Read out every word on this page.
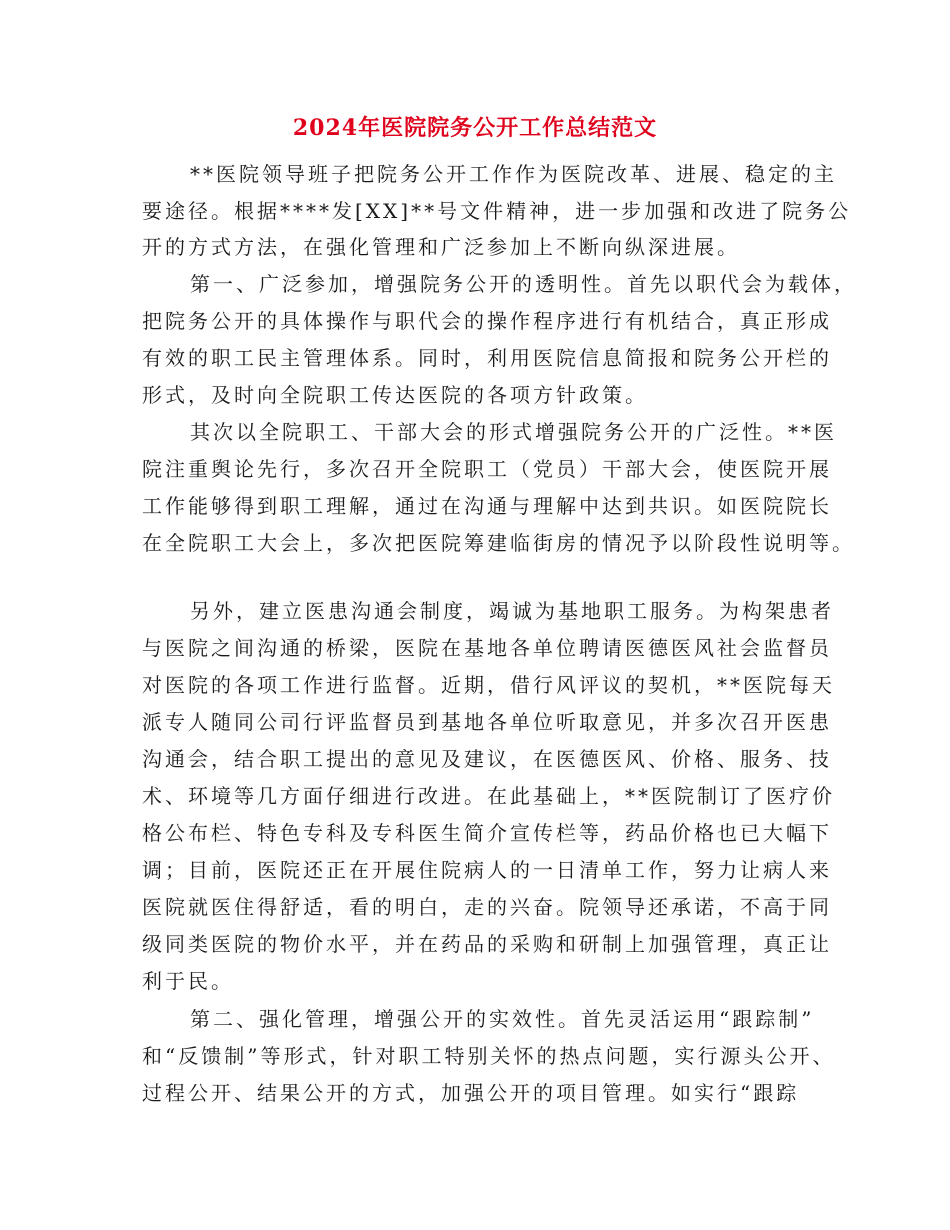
2024年医院院务公开工作总结范文
**医院领导班子把院务公开工作作为医院改革、进展、稳定的主
要途径。根据****发[XX]**号文件精神，进一步加强和改进了院务公
开的方式方法，在强化管理和广泛参加上不断向纵深进展。
第一、广泛参加，增强院务公开的透明性。首先以职代会为载体，
把院务公开的具体操作与职代会的操作程序进行有机结合，真正形成
有效的职工民主管理体系。同时，利用医院信息简报和院务公开栏的
形式，及时向全院职工传达医院的各项方针政策。
其次以全院职工、干部大会的形式增强院务公开的广泛性。**医
院注重舆论先行，多次召开全院职工（党员）干部大会，使医院开展
工作能够得到职工理解，通过在沟通与理解中达到共识。如医院院长
在全院职工大会上，多次把医院筹建临街房的情况予以阶段性说明等。
另外，建立医患沟通会制度，竭诚为基地职工服务。为构架患者
与医院之间沟通的桥梁，医院在基地各单位聘请医德医风社会监督员
对医院的各项工作进行监督。近期，借行风评议的契机，**医院每天
派专人随同公司行评监督员到基地各单位听取意见，并多次召开医患
沟通会，结合职工提出的意见及建议，在医德医风、价格、服务、技
术、环境等几方面仔细进行改进。在此基础上，**医院制订了医疗价
格公布栏、特色专科及专科医生简介宣传栏等，药品价格也已大幅下
调；目前，医院还正在开展住院病人的一日清单工作，努力让病人来
医院就医住得舒适，看的明白，走的兴奋。院领导还承诺，不高于同
级同类医院的物价水平，并在药品的采购和研制上加强管理，真正让
利于民。
第二、强化管理，增强公开的实效性。首先灵活运用“跟踪制”
和“反馈制”等形式，针对职工特别关怀的热点问题，实行源头公开、
过程公开、结果公开的方式，加强公开的项目管理。如实行“跟踪
